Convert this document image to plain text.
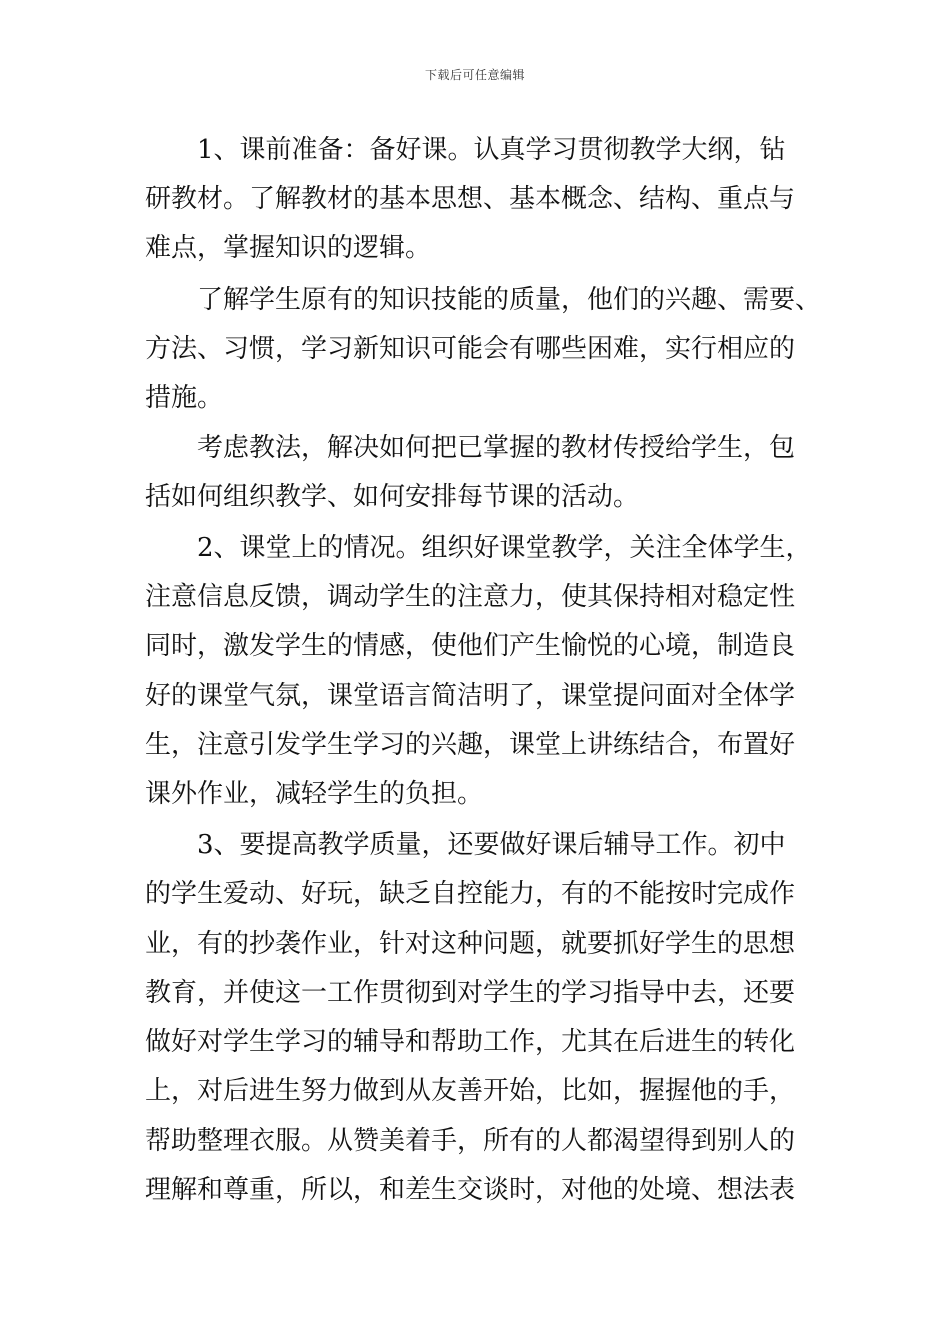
下载后可任意编辑
　　1、课前准备：备好课。认真学习贯彻教学大纲，钻
研教材。了解教材的基本思想、基本概念、结构、重点与
难点，掌握知识的逻辑。
　　了解学生原有的知识技能的质量，他们的兴趣、需要、
方法、习惯，学习新知识可能会有哪些困难，实行相应的
措施。
　　考虑教法，解决如何把已掌握的教材传授给学生，包
括如何组织教学、如何安排每节课的活动。
　　2、课堂上的情况。组织好课堂教学，关注全体学生，
注意信息反馈，调动学生的注意力，使其保持相对稳定性
同时，激发学生的情感，使他们产生愉悦的心境，制造良
好的课堂气氛，课堂语言简洁明了，课堂提问面对全体学
生，注意引发学生学习的兴趣，课堂上讲练结合，布置好
课外作业，减轻学生的负担。
　　3、要提高教学质量，还要做好课后辅导工作。初中
的学生爱动、好玩，缺乏自控能力，有的不能按时完成作
业，有的抄袭作业，针对这种问题，就要抓好学生的思想
教育，并使这一工作贯彻到对学生的学习指导中去，还要
做好对学生学习的辅导和帮助工作，尤其在后进生的转化
上，对后进生努力做到从友善开始，比如，握握他的手，
帮助整理衣服。从赞美着手，所有的人都渴望得到别人的
理解和尊重，所以，和差生交谈时，对他的处境、想法表
